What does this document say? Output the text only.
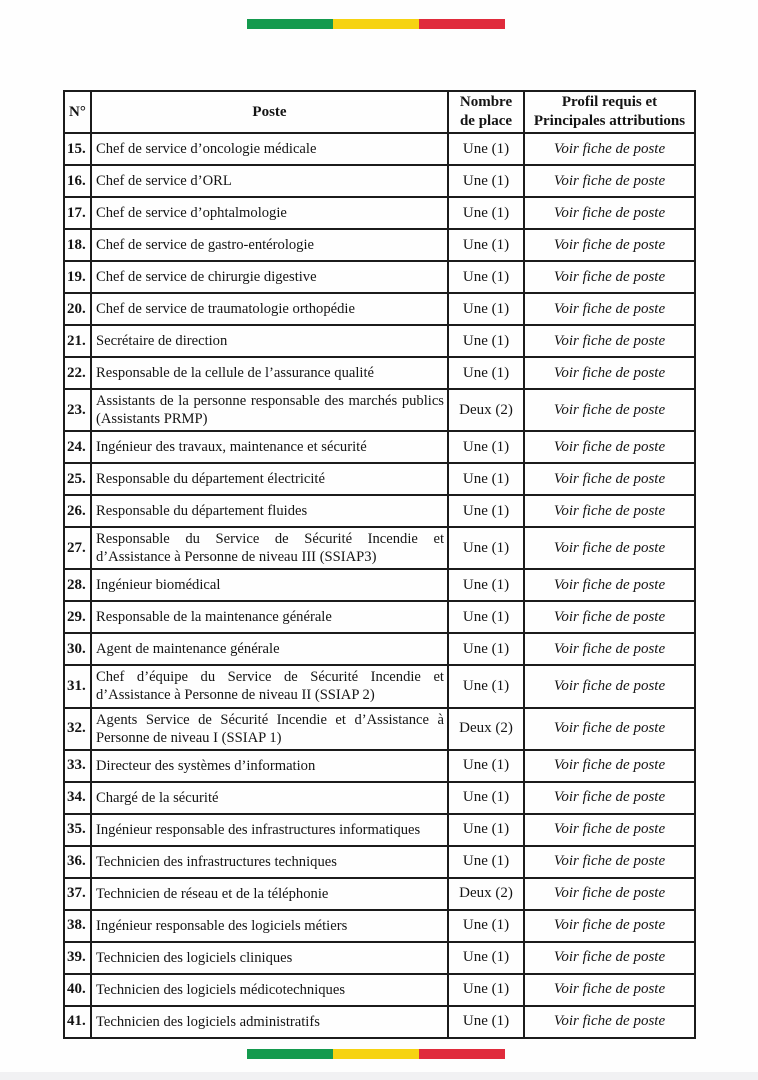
N°	Poste	Nombre de place	Profil requis et Principales attributions
15.	Chef de service d’oncologie médicale	Une (1)	Voir fiche de poste
16.	Chef de service d’ORL	Une (1)	Voir fiche de poste
17.	Chef de service d’ophtalmologie	Une (1)	Voir fiche de poste
18.	Chef de service de gastro-entérologie	Une (1)	Voir fiche de poste
19.	Chef de service de chirurgie digestive	Une (1)	Voir fiche de poste
20.	Chef de service de traumatologie orthopédie	Une (1)	Voir fiche de poste
21.	Secrétaire de direction	Une (1)	Voir fiche de poste
22.	Responsable de la cellule de l’assurance qualité	Une (1)	Voir fiche de poste
23.	Assistants de la personne responsable des marchés publics (Assistants PRMP)	Deux (2)	Voir fiche de poste
24.	Ingénieur des travaux, maintenance et sécurité	Une (1)	Voir fiche de poste
25.	Responsable du département électricité	Une (1)	Voir fiche de poste
26.	Responsable du département fluides	Une (1)	Voir fiche de poste
27.	Responsable du Service de Sécurité Incendie et d’Assistance à Personne de niveau III (SSIAP3)	Une (1)	Voir fiche de poste
28.	Ingénieur biomédical	Une (1)	Voir fiche de poste
29.	Responsable de la maintenance générale	Une (1)	Voir fiche de poste
30.	Agent de maintenance générale	Une (1)	Voir fiche de poste
31.	Chef d’équipe du Service de Sécurité Incendie et d’Assistance à Personne de niveau II (SSIAP 2)	Une (1)	Voir fiche de poste
32.	Agents Service de Sécurité Incendie et d’Assistance à Personne de niveau I (SSIAP 1)	Deux (2)	Voir fiche de poste
33.	Directeur des systèmes d’information	Une (1)	Voir fiche de poste
34.	Chargé de la sécurité	Une (1)	Voir fiche de poste
35.	Ingénieur responsable des infrastructures informatiques	Une (1)	Voir fiche de poste
36.	Technicien des infrastructures techniques	Une (1)	Voir fiche de poste
37.	Technicien de réseau et de la téléphonie	Deux (2)	Voir fiche de poste
38.	Ingénieur responsable des logiciels métiers	Une (1)	Voir fiche de poste
39.	Technicien des logiciels cliniques	Une (1)	Voir fiche de poste
40.	Technicien des logiciels médicotechniques	Une (1)	Voir fiche de poste
41.	Technicien des logiciels administratifs	Une (1)	Voir fiche de poste
